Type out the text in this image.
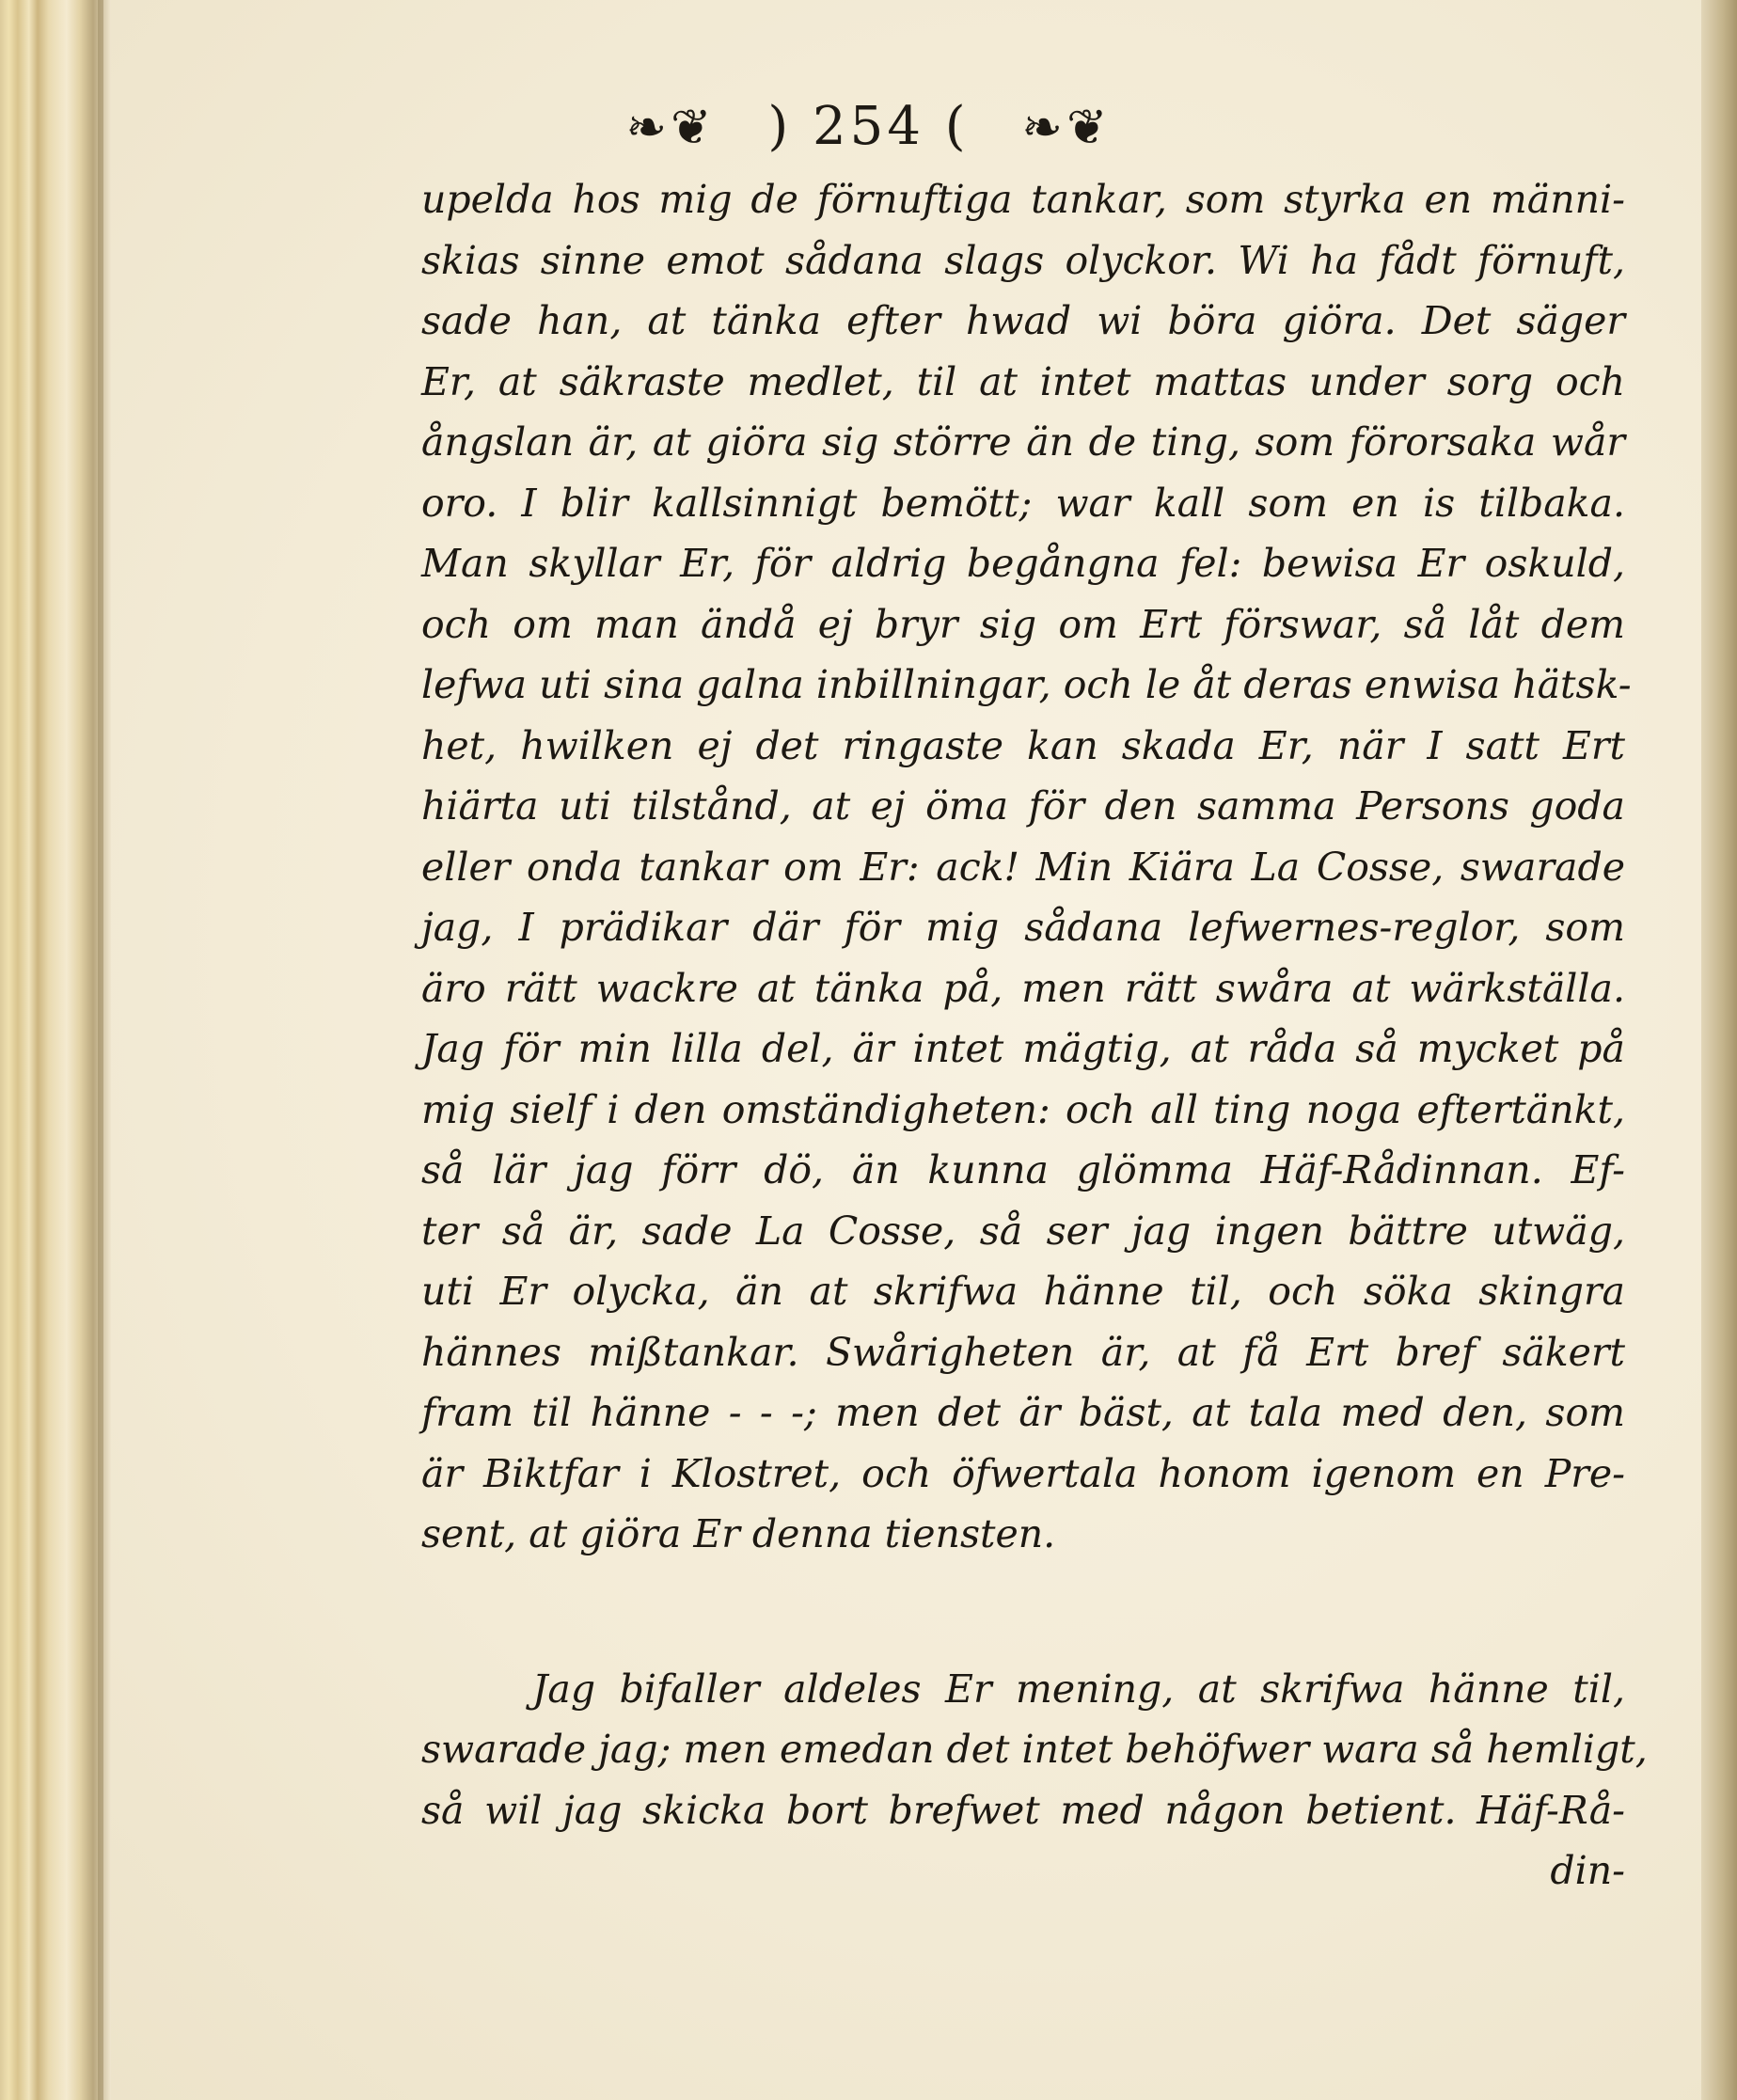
❧❦ ) 254 ( ❧❦
upelda hos mig de förnuftiga tankar, som styrka en männi-
skias sinne emot sådana slags olyckor. Wi ha fådt förnuft,
sade han, at tänka efter hwad wi böra giöra. Det säger
Er, at säkraste medlet, til at intet mattas under sorg och
ångslan är, at giöra sig större än de ting, som förorsaka wår
oro. I blir kallsinnigt bemött; war kall som en is tilbaka.
Man skyllar Er, för aldrig begångna fel: bewisa Er oskuld,
och om man ändå ej bryr sig om Ert förswar, så låt dem
lefwa uti sina galna inbillningar, och le åt deras enwisa hätsk-
het, hwilken ej det ringaste kan skada Er, när I satt Ert
hiärta uti tilstånd, at ej öma för den samma Persons goda
eller onda tankar om Er: ack! Min Kiära La Cosse, swarade
jag, I prädikar där för mig sådana lefwernes-reglor, som
äro rätt wackre at tänka på, men rätt swåra at wärkställa.
Jag för min lilla del, är intet mägtig, at råda så mycket på
mig sielf i den omständigheten: och all ting noga eftertänkt,
så lär jag förr dö, än kunna glömma Häf-Rådinnan. Ef-
ter så är, sade La Cosse, så ser jag ingen bättre utwäg,
uti Er olycka, än at skrifwa hänne til, och söka skingra
hännes mißtankar. Swårigheten är, at få Ert bref säkert
fram til hänne - - -; men det är bäst, at tala med den, som
är Biktfar i Klostret, och öfwertala honom igenom en Pre-
sent, at giöra Er denna tiensten.
Jag bifaller aldeles Er mening, at skrifwa hänne til,
swarade jag; men emedan det intet behöfwer wara så hemligt,
så wil jag skicka bort brefwet med någon betient. Häf-Rå-
din-
